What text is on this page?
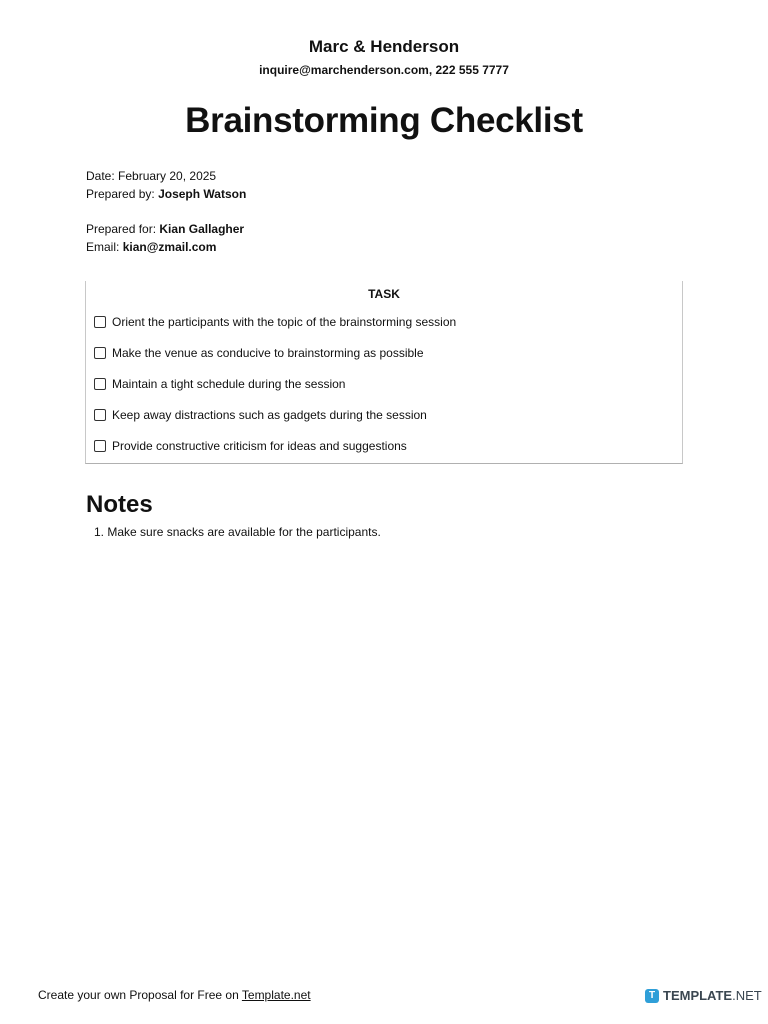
Marc & Henderson
inquire@marchenderson.com, 222 555 7777
Brainstorming Checklist
Date: February 20, 2025
Prepared by: Joseph Watson
Prepared for: Kian Gallagher
Email: kian@zmail.com
TASK
Orient the participants with the topic of the brainstorming session
Make the venue as conducive to brainstorming as possible
Maintain a tight schedule during the session
Keep away distractions such as gadgets during the session
Provide constructive criticism for ideas and suggestions
Notes
1. Make sure snacks are available for the participants.
Create your own Proposal for Free on Template.net	T TEMPLATE .NET
